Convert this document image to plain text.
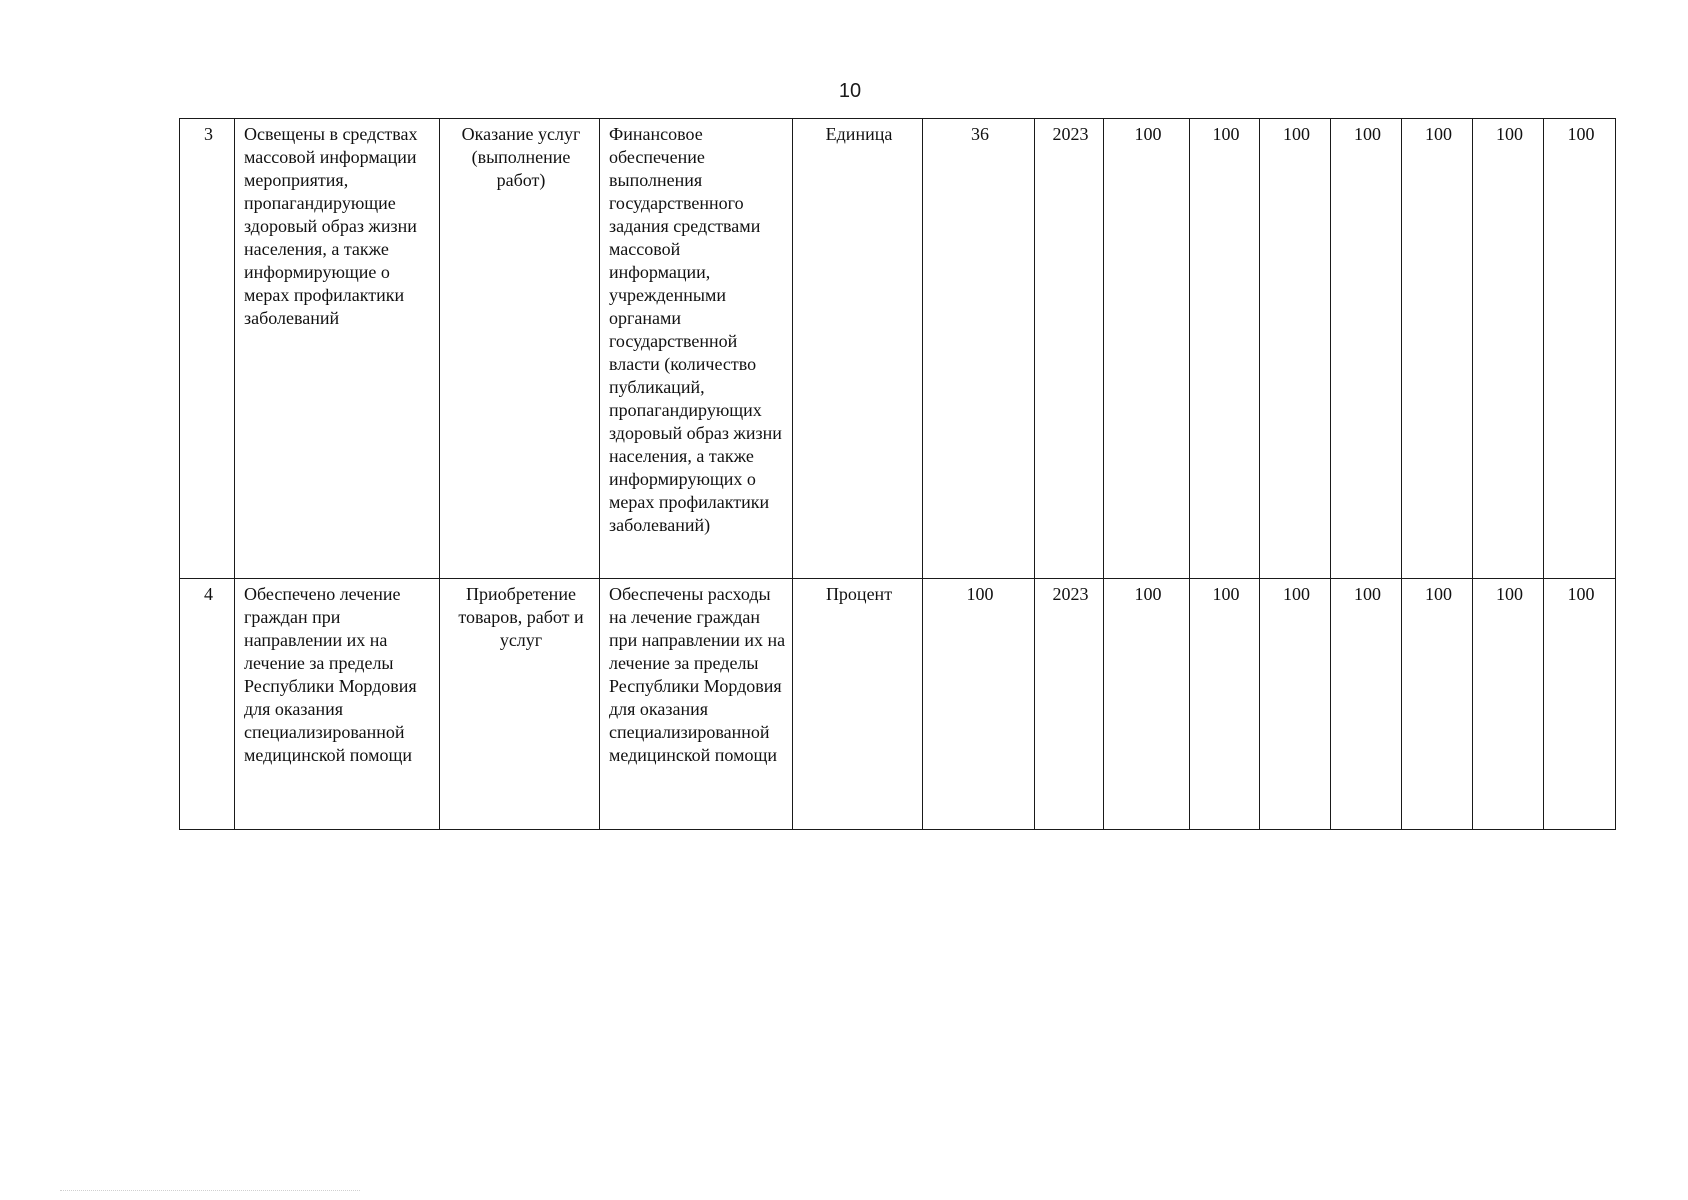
10
3	Освещены в средствах массовой информации мероприятия, пропагандирующие здоровый образ жизни населения, а также информирующие о мерах профилактики заболеваний	Оказание услуг (выполнение работ)	Финансовое обеспечение выполнения государственного задания средствами массовой информации, учрежденными органами государственной власти (количество публикаций, пропагандирующих здоровый образ жизни населения, а также информирующих о мерах профилактики заболеваний)	Единица	36	2023	100	100	100	100	100	100	100
4	Обеспечено лечение граждан при направлении их на лечение за пределы Республики Мордовия для оказания специализированной медицинской помощи	Приобретение товаров, работ и услуг	Обеспечены расходы на лечение граждан при направлении их на лечение за пределы Республики Мордовия для оказания специализированной медицинской помощи	Процент	100	2023	100	100	100	100	100	100	100
